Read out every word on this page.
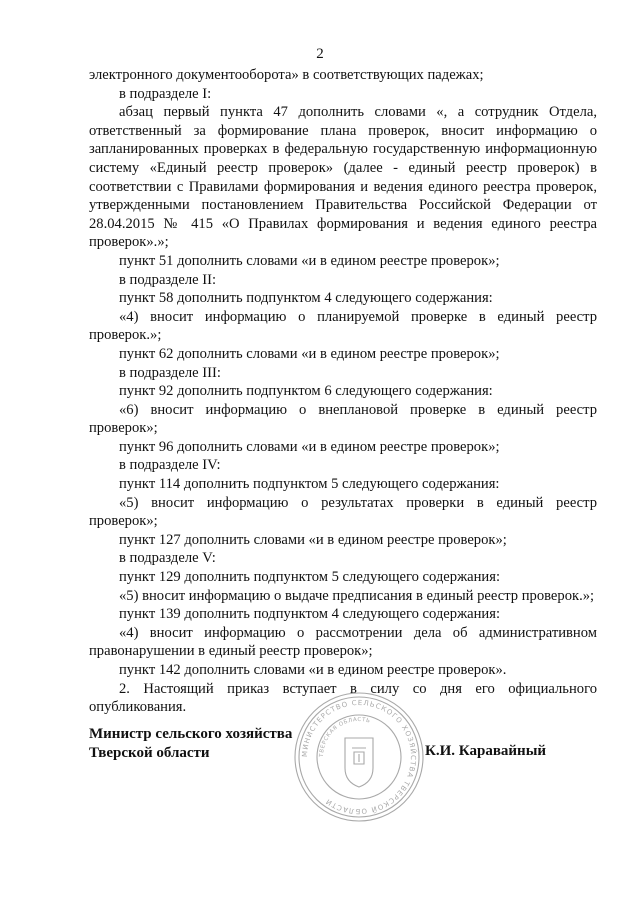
2

электронного документооборота» в соответствующих падежах;

в подразделе I:

абзац первый пункта 47 дополнить словами «, а сотрудник Отдела, ответственный за формирование плана проверок, вносит информацию о запланированных проверках в федеральную государственную информационную систему «Единый реестр проверок» (далее - единый реестр проверок) в соответствии с Правилами формирования и ведения единого реестра проверок, утвержденными постановлением Правительства Российской Федерации от 28.04.2015 № 415 «О Правилах формирования и ведения единого реестра проверок».»;

пункт 51 дополнить словами «и в едином реестре проверок»;

в подразделе II:

пункт 58 дополнить подпунктом 4 следующего содержания:

«4) вносит информацию о планируемой проверке в единый реестр проверок.»;

пункт 62 дополнить словами «и в едином реестре проверок»;

в подразделе III:

пункт 92 дополнить подпунктом 6 следующего содержания:

«6) вносит информацию о внеплановой проверке в единый реестр проверок»;

пункт 96 дополнить словами «и в едином реестре проверок»;

в подразделе IV:

пункт 114 дополнить подпунктом 5 следующего содержания:

«5) вносит информацию о результатах проверки в единый реестр проверок»;

пункт 127 дополнить словами «и в едином реестре проверок»;

в подразделе V:

пункт 129 дополнить подпунктом 5 следующего содержания:

«5) вносит информацию о выдаче предписания в единый реестр проверок.»;

пункт 139 дополнить подпунктом 4 следующего содержания:

«4) вносит информацию о рассмотрении дела об административном правонарушении в единый реестр проверок»;

пункт 142 дополнить словами «и в едином реестре проверок».

2. Настоящий приказ вступает в силу со дня его официального опубликования.

Министр сельского хозяйства
Тверской области	К.И. Каравайный
МИНИСТЕРСТВО СЕЛЬСКОГО ХОЗЯЙСТВА ТВЕРСКОЙ ОБЛАСТИ
ТВЕРСКАЯ ОБЛАСТЬ
